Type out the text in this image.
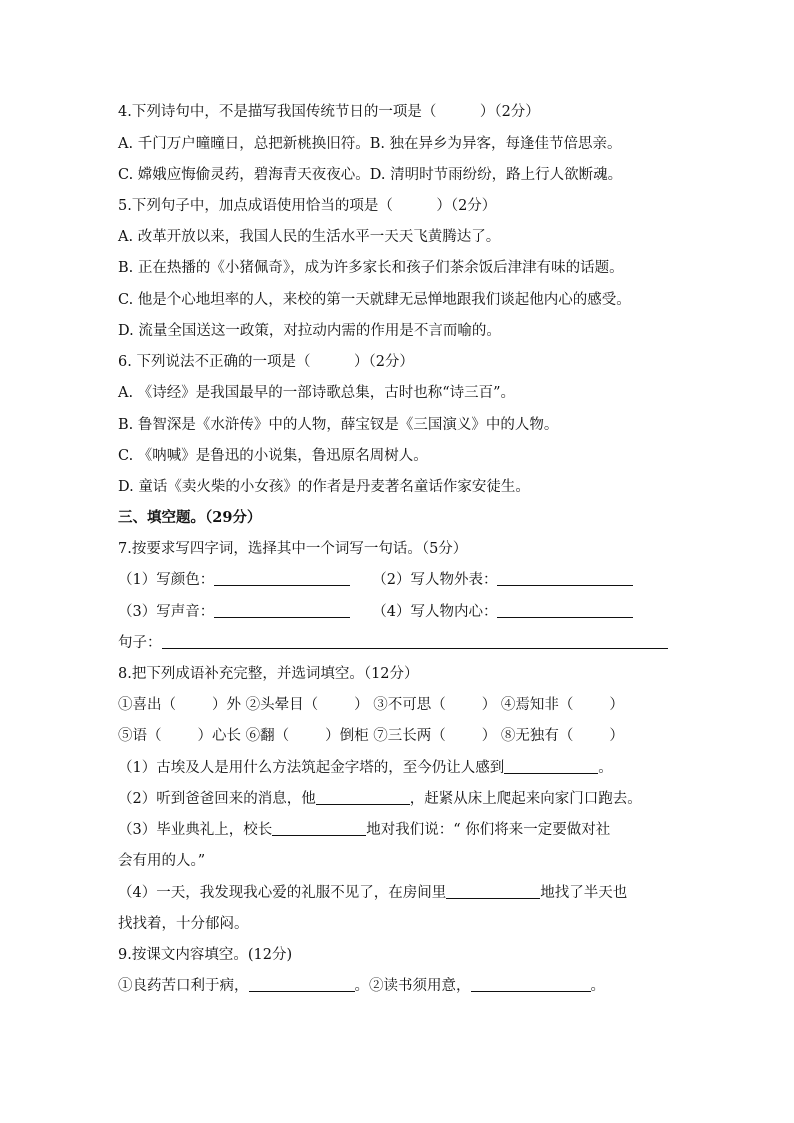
4.下列诗句中，不是描写我国传统节日的一项是（　　　）（2分）
A. 千门万户曈曈日，总把新桃换旧符。B. 独在异乡为异客，每逢佳节倍思亲。
C. 嫦娥应悔偷灵药，碧海青天夜夜心。D. 清明时节雨纷纷，路上行人欲断魂。
5.下列句子中，加点成语使用恰当的项是（　　　）（2分）
A. 改革开放以来，我国人民的生活水平一天天飞黄腾达了。
B. 正在热播的《小猪佩奇》，成为许多家长和孩子们茶余饭后津津有味的话题。
C. 他是个心地坦率的人，来校的第一天就肆无忌惮地跟我们谈起他内心的感受。
D. 流量全国送这一政策，对拉动内需的作用是不言而喻的。
6. 下列说法不正确的一项是（　　　）（2分）
A. 《诗经》是我国最早的一部诗歌总集，古时也称“诗三百”。
B. 鲁智深是《水浒传》中的人物，薛宝钗是《三国演义》中的人物。
C. 《呐喊》是鲁迅的小说集，鲁迅原名周树人。
D. 童话《卖火柴的小女孩》的作者是丹麦著名童话作家安徒生。
三、填空题。（29分）
7.按要求写四字词，选择其中一个词写一句话。（5分）
（1）写颜色：	（2）写人物外表：
（3）写声音：	（4）写人物内心：
句子：
8.把下列成语补充完整，并选词填空。（12分）
①喜出（ ）外 ②头晕目（ ） ③不可思（ ） ④焉知非（ ）
⑤语（ ）心长 ⑥翻（ ）倒柜 ⑦三长两（ ） ⑧无独有（ ）
（1）古埃及人是用什么方法筑起金字塔的，至今仍让人感到	。
（2）听到爸爸回来的消息，他	，赶紧从床上爬起来向家门口跑去。
（3）毕业典礼上，校长	地对我们说：“ 你们将来一定要做对社
会有用的人。”
（4）一天，我发现我心爱的礼服不见了，在房间里	地找了半天也
找找着，十分郁闷。
9.按课文内容填空。(12分)
①良药苦口利于病，	。②读书须用意，	。
